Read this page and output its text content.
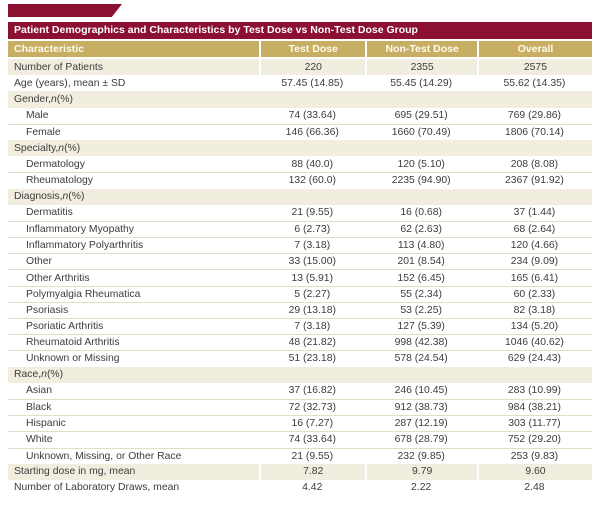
Patient Demographics and Characteristics by Test Dose vs Non-Test Dose Group
Characteristic	Test Dose	Non-Test Dose	Overall
Number of Patients	220	2355	2575
Age (years), mean ± SD	57.45 (14.85)	55.45 (14.29)	55.62 (14.35)
Gender, n (%)
Male	74 (33.64)	695 (29.51)	769 (29.86)
Female	146 (66.36)	1660 (70.49)	1806 (70.14)
Specialty, n (%)
Dermatology	88 (40.0)	120 (5.10)	208 (8.08)
Rheumatology	132 (60.0)	2235 (94.90)	2367 (91.92)
Diagnosis, n (%)
Dermatitis	21 (9.55)	16 (0.68)	37 (1.44)
Inflammatory Myopathy	6 (2.73)	62 (2.63)	68 (2.64)
Inflammatory Polyarthritis	7 (3.18)	113 (4.80)	120 (4.66)
Other	33 (15.00)	201 (8.54)	234 (9.09)
Other Arthritis	13 (5.91)	152 (6.45)	165 (6.41)
Polymyalgia Rheumatica	5 (2.27)	55 (2.34)	60 (2.33)
Psoriasis	29 (13.18)	53 (2.25)	82 (3.18)
Psoriatic Arthritis	7 (3.18)	127 (5.39)	134 (5.20)
Rheumatoid Arthritis	48 (21.82)	998 (42.38)	1046 (40.62)
Unknown or Missing	51 (23.18)	578 (24.54)	629 (24.43)
Race, n (%)
Asian	37 (16.82)	246 (10.45)	283 (10.99)
Black	72 (32.73)	912 (38.73)	984 (38.21)
Hispanic	16 (7.27)	287 (12.19)	303 (11.77)
White	74 (33.64)	678 (28.79)	752 (29.20)
Unknown, Missing, or Other Race	21 (9.55)	232 (9.85)	253 (9.83)
Starting dose in mg, mean	7.82	9.79	9.60
Number of Laboratory Draws, mean	4.42	2.22	2.48
